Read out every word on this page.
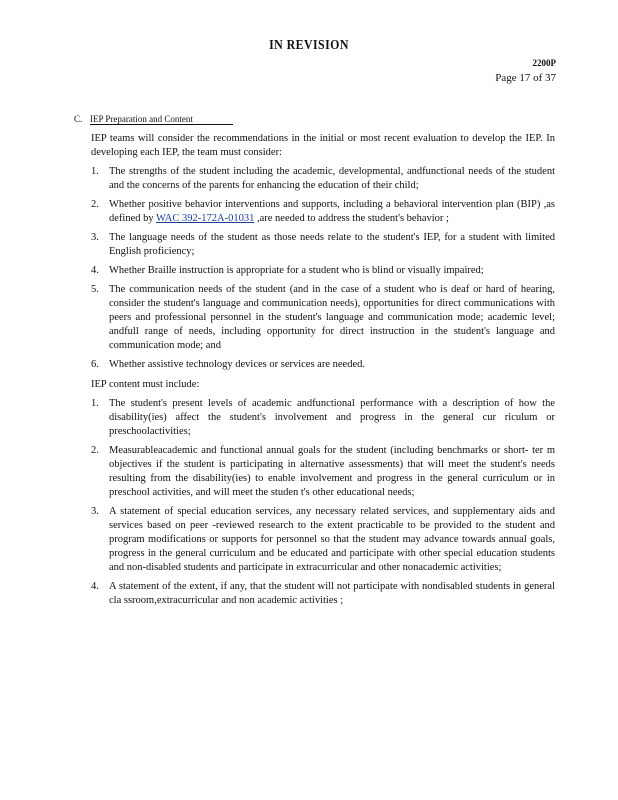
IN REVISION
2200P
Page 17 of 37
C. IEP Preparation and Content

IEP teams will consider the recommendations in the initial or most recent evaluation to develop the IEP. In developing each IEP, the team must consider:

1. The strengths of the student including the academic, developmental, andfunctional needs of the student and the concerns of the parents for enhancing the education of their child;
2. Whether positive behavior interventions and supports, including a behavioral intervention plan (BIP) ,as defined by WAC 392-172A-01031 ,are needed to address the student's behavior ;
3. The language needs of the student as those needs relate to the student's IEP, for a student with limited English proficiency;
4. Whether Braille instruction is appropriate for a student who is blind or visually impaired;
5. The communication needs of the student (and in the case of a student who is deaf or hard of hearing, consider the student's language and communication needs), opportunities for direct communications with peers and professional personnel in the student's language and communication mode; academic level; andfull range of needs, including opportunity for direct instruction in the student's language and communication mode; and
6. Whether assistive technology devices or services are needed.

IEP content must include:

1. The student's present levels of academic andfunctional performance with a description of how the disability(ies) affect the student's involvement and progress in the general cur riculum or preschoolactivities;
2. Measurableacademic and functional annual goals for the student (including benchmarks or short- ter m objectives if the student is participating in alternative assessments) that will meet the student's needs resulting from the disability(ies) to enable involvement and progress in the general curriculum or in preschool activities, and will meet the studen t's other educational needs;
3. A statement of special education services, any necessary related services, and supplementary aids and services based on peer -reviewed research to the extent practicable to be provided to the student and program modifications or supports for personnel so that the student may advance towards annual goals, progress in the general curriculum and be educated and participate with other special education students and non-disabled students and participate in extracurricular and other nonacademic activities;
4. A statement of the extent, if any, that the student will not participate with nondisabled students in general cla ssroom,extracurricular and non academic activities ;
